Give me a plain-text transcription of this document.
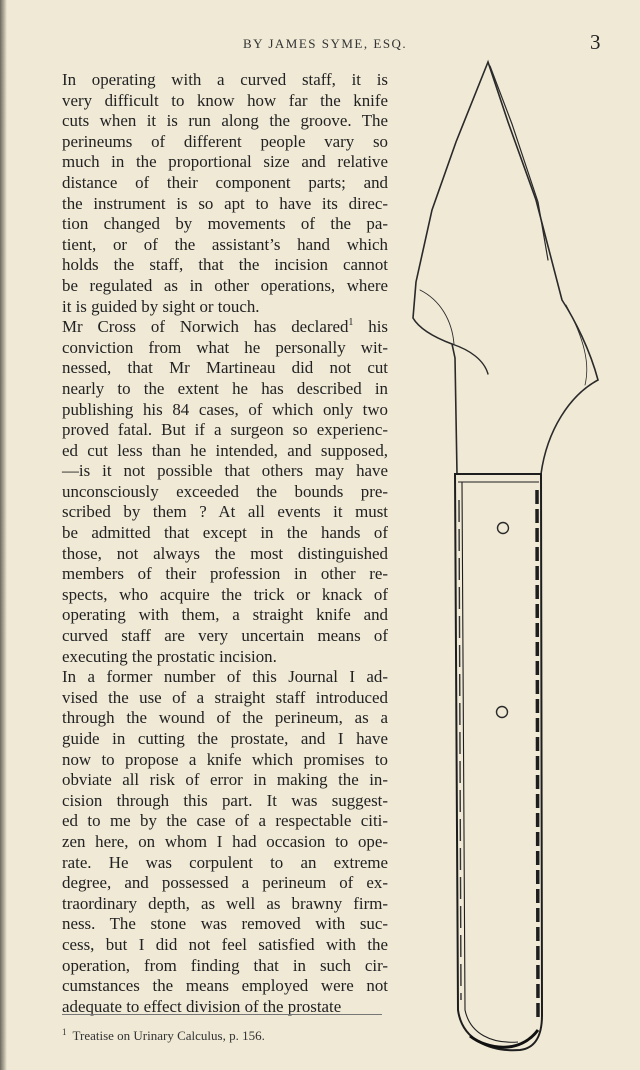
BY JAMES SYME, ESQ.	3
In operating with a curved staff, it is
very difficult to know how far the knife
cuts when it is run along the groove. The
perineums of different people vary so
much in the proportional size and relative
distance of their component parts; and
the instrument is so apt to have its direc-
tion changed by movements of the pa-
tient, or of the assistant’s hand which
holds the staff, that the incision cannot
be regulated as in other operations, where
it is guided by sight or touch.
Mr Cross of Norwich has declared$^1$ his
conviction from what he personally wit-
nessed, that Mr Martineau did not cut
nearly to the extent he has described in
publishing his 84 cases, of which only two
proved fatal. But if a surgeon so experienc-
ed cut less than he intended, and supposed,
—is it not possible that others may have
unconsciously exceeded the bounds pre-
scribed by them ? At all events it must
be admitted that except in the hands of
those, not always the most distinguished
members of their profession in other re-
spects, who acquire the trick or knack of
operating with them, a straight knife and
curved staff are very uncertain means of
executing the prostatic incision.
In a former number of this Journal I ad-
vised the use of a straight staff introduced
through the wound of the perineum, as a
guide in cutting the prostate, and I have
now to propose a knife which promises to
obviate all risk of error in making the in-
cision through this part. It was suggest-
ed to me by the case of a respectable citi-
zen here, on whom I had occasion to ope-
rate. He was corpulent to an extreme
degree, and possessed a perineum of ex-
traordinary depth, as well as brawny firm-
ness. The stone was removed with suc-
cess, but I did not feel satisfied with the
operation, from finding that in such cir-
cumstances the means employed were not
adequate to effect division of the prostate
$^1$ Treatise on Urinary Calculus, p. 156.
